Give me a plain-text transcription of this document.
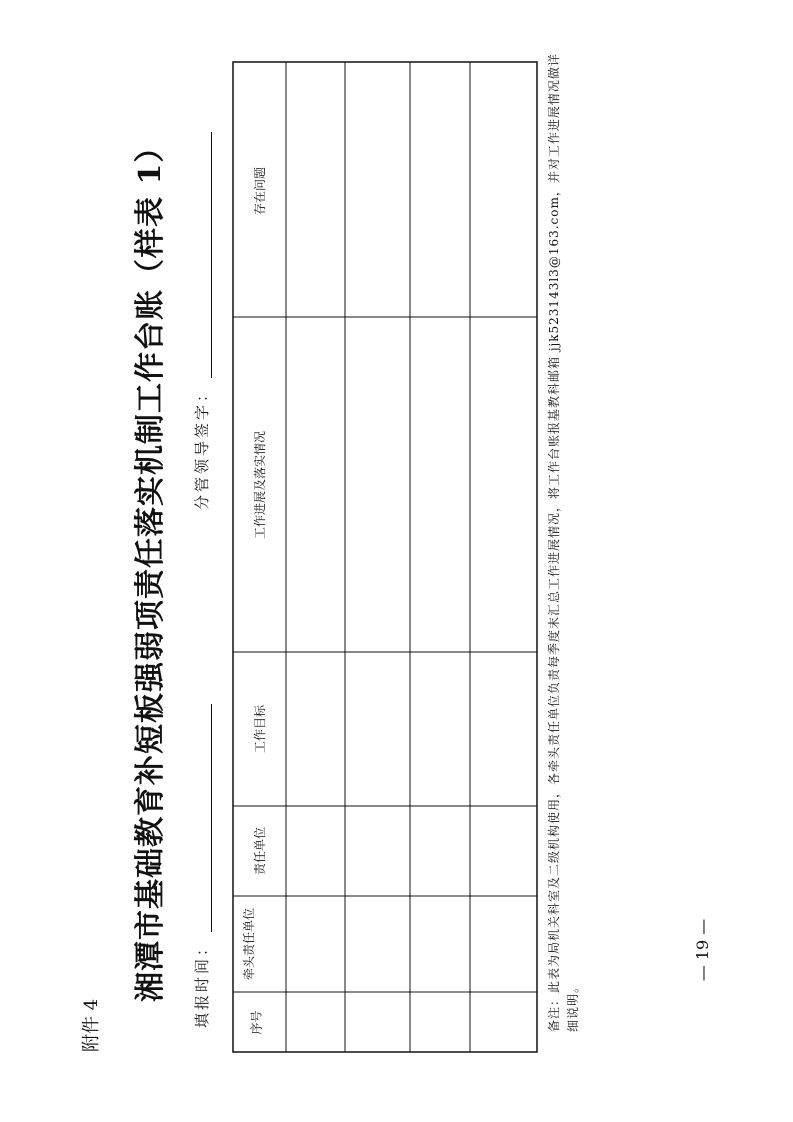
附件 4
湘潭市基础教育补短板强弱项责任落实机制工作台账（样表 1） 填报时间：
分管领导签字：
序号
牵头责任单位
责任单位
工作目标
工作进展及落实情况
存在问题	备注：此表为局机关科室及二级机构使用，各牵头责任单位负责每季度末汇总工作进展情况，将工作台账报基教科邮箱 jjk523143l3@163.com，并对工作进展情况做详细说明。
— 19 —
